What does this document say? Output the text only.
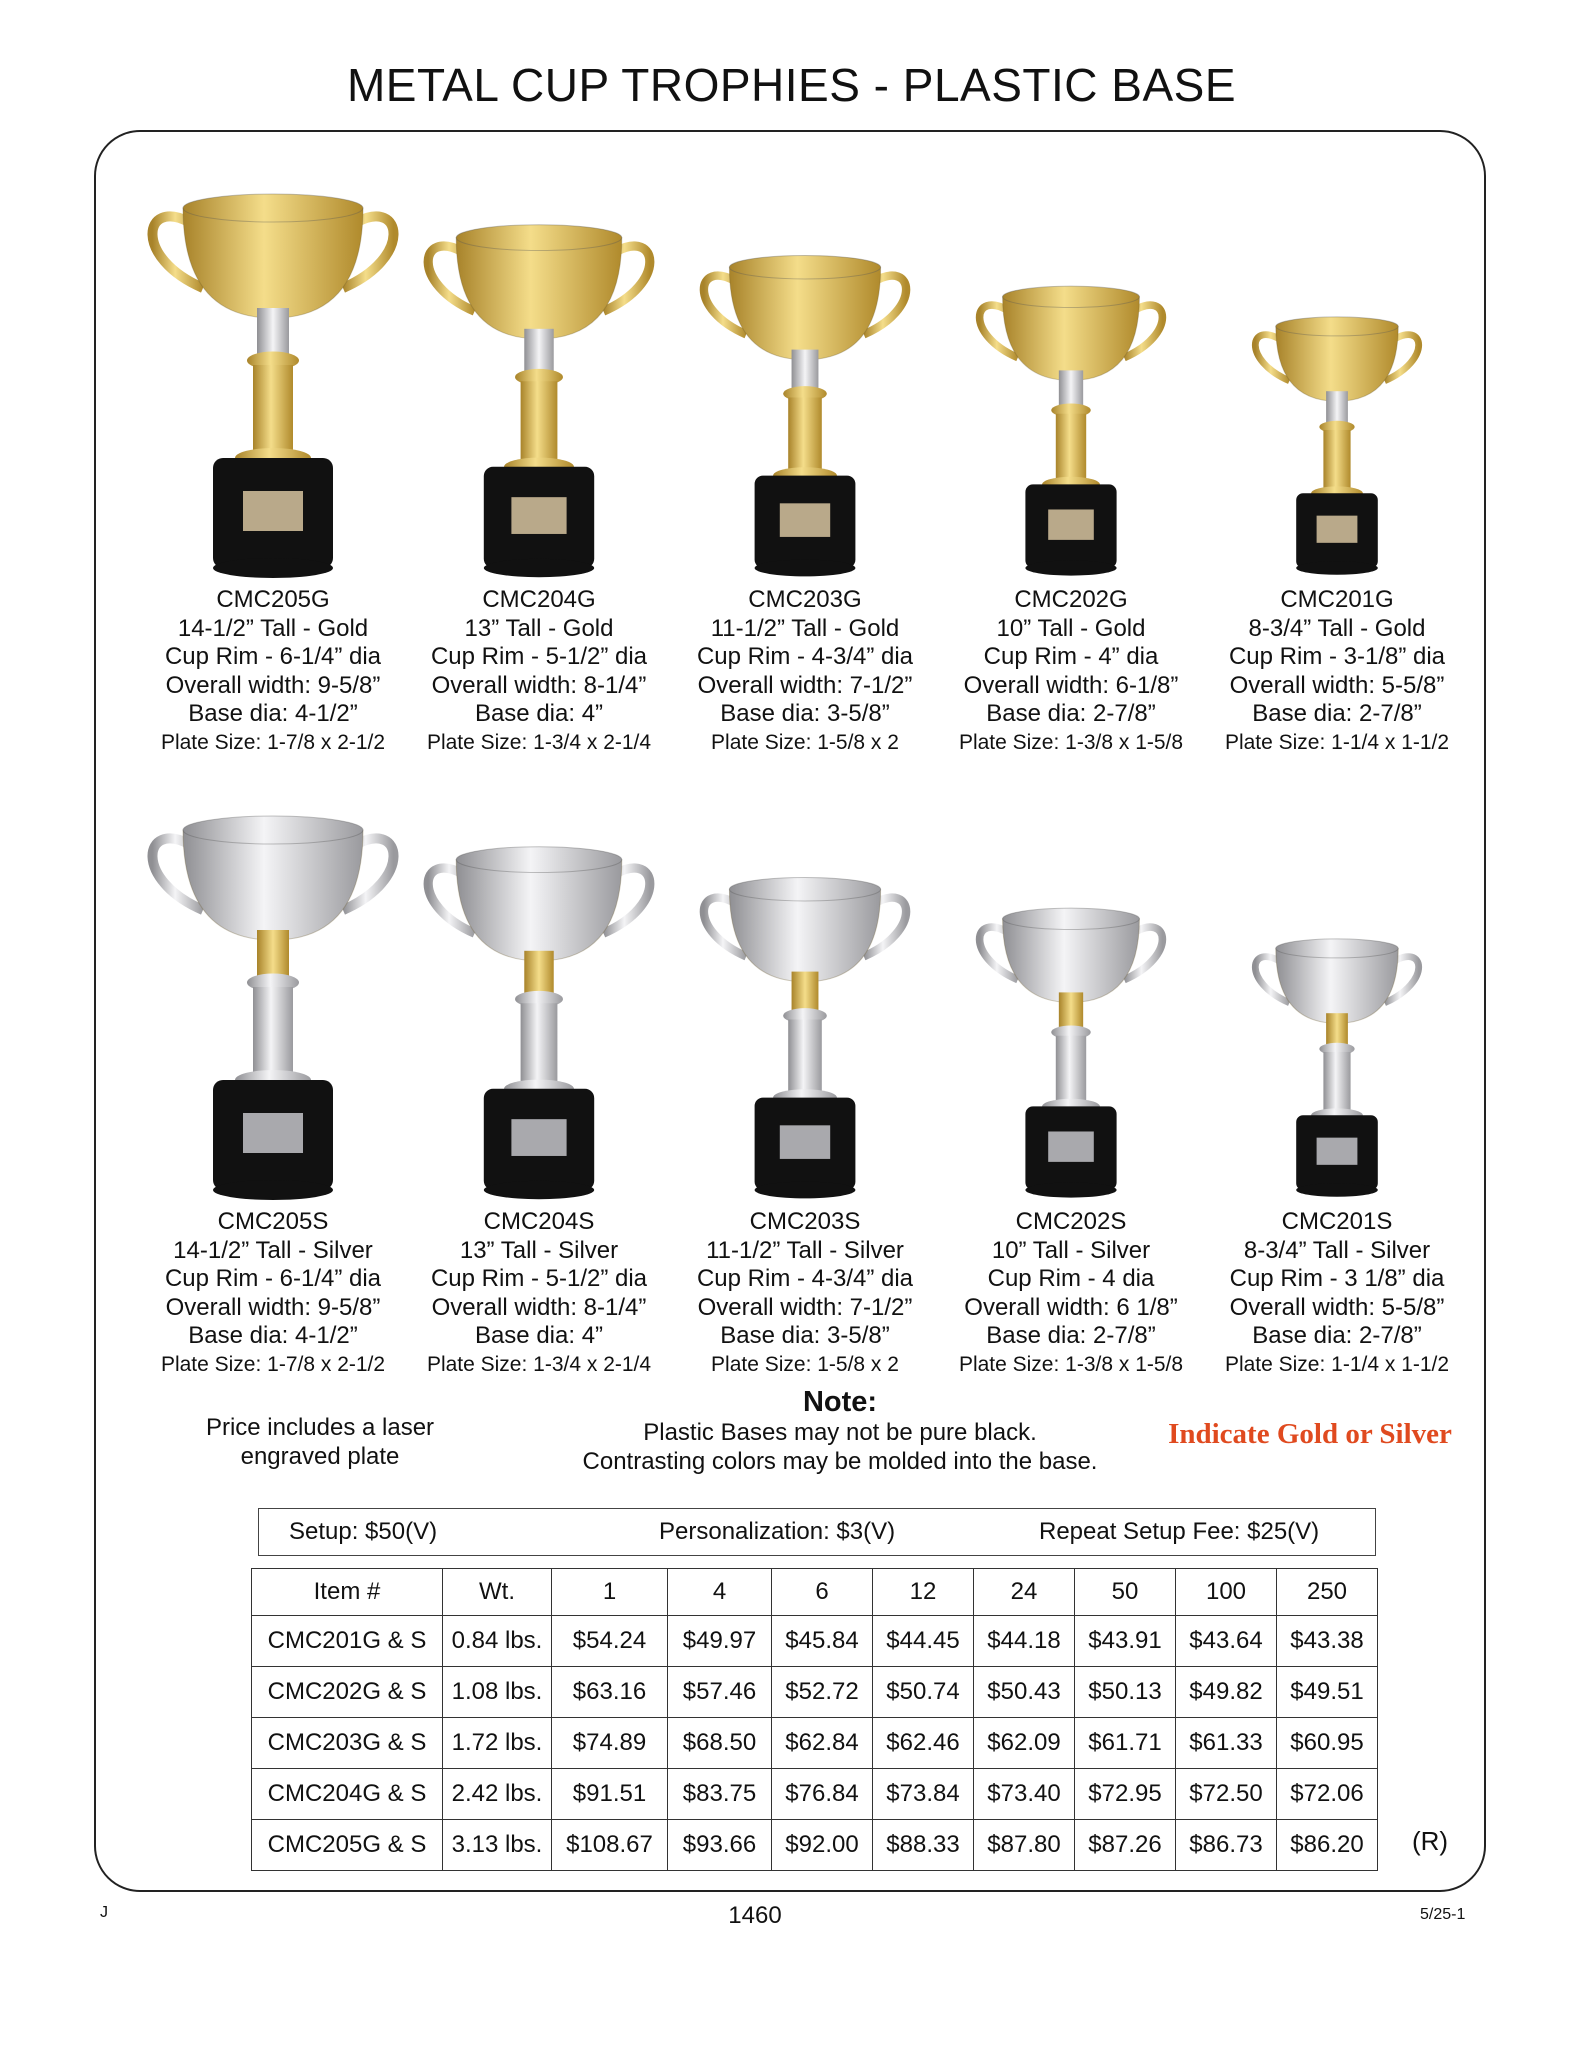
METAL CUP TROPHIES - PLASTIC BASE
CMC205G
14-1/2” Tall - Gold
Cup Rim - 6-1/4” dia
Overall width: 9-5/8”
Base dia: 4-1/2”
Plate Size: 1-7/8 x 2-1/2
CMC204G
13” Tall - Gold
Cup Rim - 5-1/2” dia
Overall width: 8-1/4”
Base dia: 4”
Plate Size: 1-3/4 x 2-1/4
CMC203G
11-1/2” Tall - Gold
Cup Rim - 4-3/4” dia
Overall width: 7-1/2”
Base dia: 3-5/8”
Plate Size: 1-5/8 x 2
CMC202G
10” Tall - Gold
Cup Rim - 4” dia
Overall width: 6-1/8”
Base dia: 2-7/8”
Plate Size: 1-3/8 x 1-5/8
CMC201G
8-3/4” Tall - Gold
Cup Rim - 3-1/8” dia
Overall width: 5-5/8”
Base dia: 2-7/8”
Plate Size: 1-1/4 x 1-1/2
CMC205S
14-1/2” Tall - Silver
Cup Rim - 6-1/4” dia
Overall width: 9-5/8”
Base dia: 4-1/2”
Plate Size: 1-7/8 x 2-1/2
CMC204S
13” Tall - Silver
Cup Rim - 5-1/2” dia
Overall width: 8-1/4”
Base dia: 4”
Plate Size: 1-3/4 x 2-1/4
CMC203S
11-1/2” Tall - Silver
Cup Rim - 4-3/4” dia
Overall width: 7-1/2”
Base dia: 3-5/8”
Plate Size: 1-5/8 x 2
CMC202S
10” Tall - Silver
Cup Rim - 4 dia
Overall width: 6 1/8”
Base dia: 2-7/8”
Plate Size: 1-3/8 x 1-5/8
CMC201S
8-3/4” Tall - Silver
Cup Rim - 3 1/8” dia
Overall width: 5-5/8”
Base dia: 2-7/8”
Plate Size: 1-1/4 x 1-1/2
Price includes a laser
engraved plate
Note:
Plastic Bases may not be pure black.
Contrasting colors may be molded into the base.
Indicate Gold or Silver
Setup: $50(V)	Personalization: $3(V)	Repeat Setup Fee: $25(V)
Item #	Wt.	1	4	6	12	24	50	100	250
CMC201G & S	0.84 lbs.	$54.24	$49.97	$45.84	$44.45	$44.18	$43.91	$43.64	$43.38
CMC202G & S	1.08 lbs.	$63.16	$57.46	$52.72	$50.74	$50.43	$50.13	$49.82	$49.51
CMC203G & S	1.72 lbs.	$74.89	$68.50	$62.84	$62.46	$62.09	$61.71	$61.33	$60.95
CMC204G & S	2.42 lbs.	$91.51	$83.75	$76.84	$73.84	$73.40	$72.95	$72.50	$72.06
CMC205G & S	3.13 lbs.	$108.67	$93.66	$92.00	$88.33	$87.80	$87.26	$86.73	$86.20 (R)
J	1460	5/25-1
